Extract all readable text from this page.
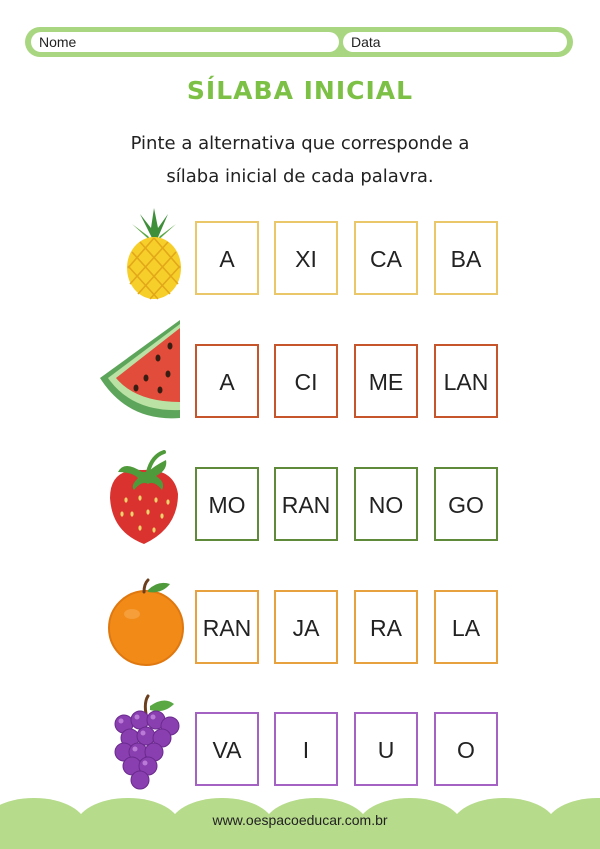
Nome	Data
SÍLABA INICIAL
Pinte a alternativa que corresponde a
sílaba inicial de cada palavra.
A	XI	CA	BA
A	CI	ME	LAN
MO	RAN	NO	GO
RAN	JA	RA	LA
VA	I	U	O
www.oespacoeducar.com.br
